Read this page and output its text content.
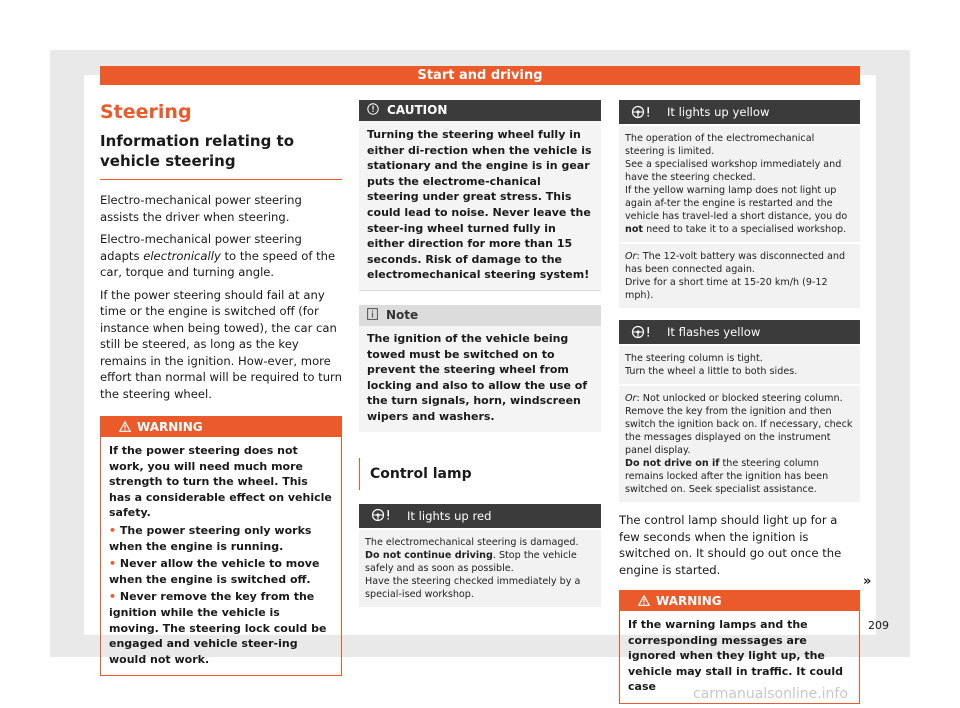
Start and driving
Steering
Information relating to vehicle steering

Electro-mechanical power steering assists the driver when steering.

Electro-mechanical power steering adapts electronically to the speed of the car, torque and turning angle.

If the power steering should fail at any time or the engine is switched off (for instance when being towed), the car can still be steered, as long as the key remains in the ignition. How-ever, more effort than normal will be required to turn the steering wheel.

WARNING
If the power steering does not work, you will need much more strength to turn the wheel. This has a considerable effect on vehicle safety.
• The power steering only works when the engine is running.
• Never allow the vehicle to move when the engine is switched off.
• Never remove the key from the ignition while the vehicle is moving. The steering lock could be engaged and vehicle steer-ing would not work.
CAUTION
Turning the steering wheel fully in either di-rection when the vehicle is stationary and the engine is in gear puts the electrome-chanical steering under great stress. This could lead to noise. Never leave the steer-ing wheel turned fully in either direction for more than 15 seconds. Risk of damage to the electromechanical steering system!
Note
The ignition of the vehicle being towed must be switched on to prevent the steering wheel from locking and also to allow the use of the turn signals, horn, windscreen wipers and washers.
Control lamp
It lights up red
The electromechanical steering is damaged.
Do not continue driving. Stop the vehicle safely and as soon as possible.
Have the steering checked immediately by a special-ised workshop.
It lights up yellow
The operation of the electromechanical steering is limited.
See a specialised workshop immediately and have the steering checked.
If the yellow warning lamp does not light up again af-ter the engine is restarted and the vehicle has travel-led a short distance, you do not need to take it to a specialised workshop.
Or: The 12-volt battery was disconnected and has been connected again.
Drive for a short time at 15-20 km/h (9-12 mph).
It flashes yellow
The steering column is tight.
Turn the wheel a little to both sides.
Or: Not unlocked or blocked steering column.
Remove the key from the ignition and then switch the ignition back on. If necessary, check the messages displayed on the instrument panel display.
Do not drive on if the steering column remains locked after the ignition has been switched on. Seek specialist assistance.

The control lamp should light up for a few seconds when the ignition is switched on. It should go out once the engine is started.

WARNING
If the warning lamps and the corresponding messages are ignored when they light up, the vehicle may stall in traffic. It could case
»
209
carmanualsonline.info
